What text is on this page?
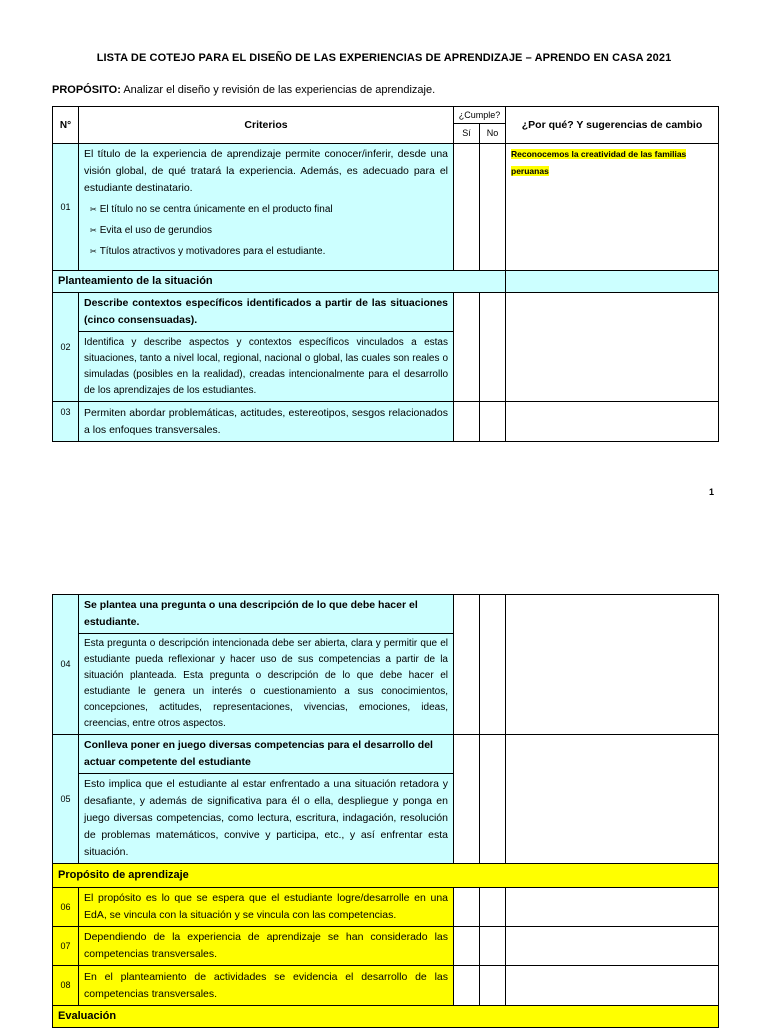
LISTA DE COTEJO PARA EL DISEÑO DE LAS EXPERIENCIAS DE APRENDIZAJE – APRENDO EN CASA 2021
PROPÓSITO: Analizar el diseño y revisión de las experiencias de aprendizaje.
N°	Criterios	¿Cumple?		¿Por qué? Y sugerencias de cambio
		Sí	No	
01	El título de la experiencia de aprendizaje permite conocer/inferir, desde una visión global, de qué tratará la experiencia. Además, es adecuado para el estudiante destinatario.
✂ El título no se centra únicamente en el producto final
✂ Evita el uso de gerundios
✂ Títulos atractivos y motivadores para el estudiante.			Reconocemos la creatividad de las familias peruanas
Planteamiento de la situación				
02	Describe contextos específicos identificados a partir de las situaciones (cinco consensuadas).			
	Identifica y describe aspectos y contextos específicos vinculados a estas situaciones, tanto a nivel local, regional, nacional o global, las cuales son reales o simuladas (posibles en la realidad), creadas intencionalmente para el desarrollo de los aprendizajes de los estudiantes.			
03	Permiten abordar problemáticas, actitudes, estereotipos, sesgos relacionados a los enfoques transversales.			
1
04	Se plantea una pregunta o una descripción de lo que debe hacer el estudiante.			
	Esta pregunta o descripción intencionada debe ser abierta, clara y permitir que el estudiante pueda reflexionar y hacer uso de sus competencias a partir de la situación planteada. Esta pregunta o descripción de lo que debe hacer el estudiante le genera un interés o cuestionamiento a sus conocimientos, concepciones, actitudes, representaciones, vivencias, emociones, ideas, creencias, entre otros aspectos.			
05	Conlleva poner en juego diversas competencias para el desarrollo del actuar competente del estudiante			
	Esto implica que el estudiante al estar enfrentado a una situación retadora y desafiante, y además de significativa para él o ella, despliegue y ponga en juego diversas competencias, como lectura, escritura, indagación, resolución de problemas matemáticos, convive y participa, etc., y así enfrentar esta situación.			
Propósito de aprendizaje				
06	El propósito es lo que se espera que el estudiante logre/desarrolle en una EdA, se vincula con la situación y se vincula con las competencias.			
07	Dependiendo de la experiencia de aprendizaje se han considerado las competencias transversales.			
08	En el planteamiento de actividades se evidencia el desarrollo de las competencias transversales.			
Evaluación				
